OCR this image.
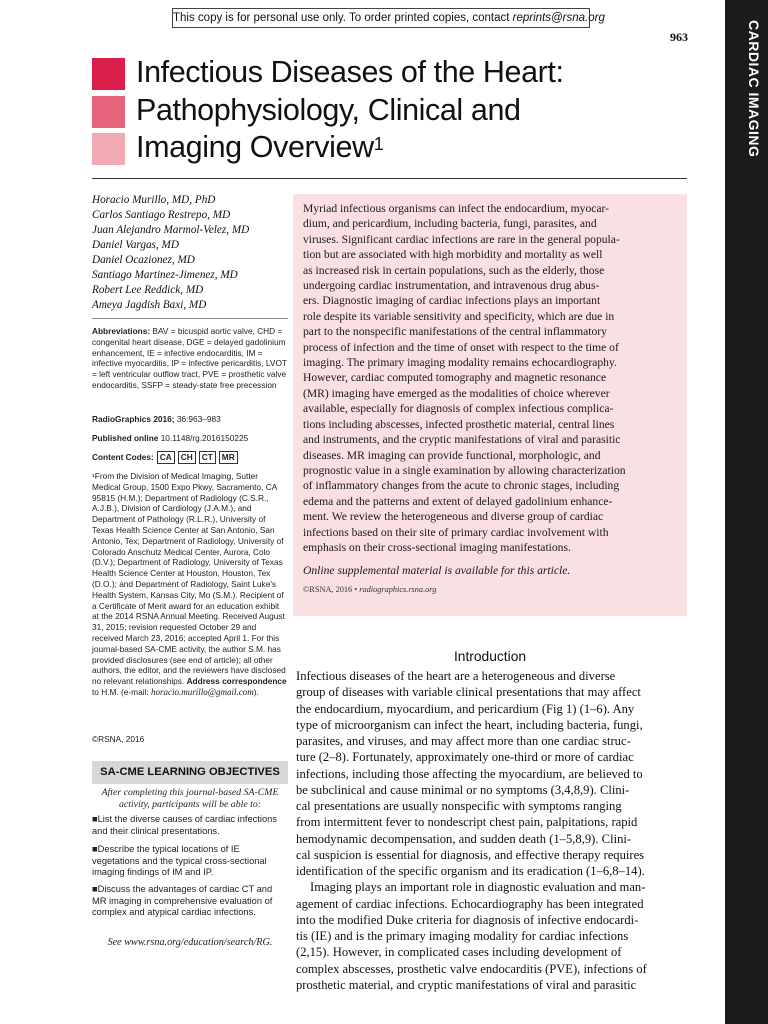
This copy is for personal use only. To order printed copies, contact reprints@rsna.org
963	CARDIAC IMAGING
Infectious Diseases of the Heart:
Pathophysiology, Clinical and
Imaging Overview$^1$
Horacio Murillo, MD, PhD
Carlos Santiago Restrepo, MD
Juan Alejandro Marmol-Velez, MD
Daniel Vargas, MD
Daniel Ocazionez, MD
Santiago Martinez-Jimenez, MD
Robert Lee Reddick, MD
Ameya Jagdish Baxi, MD
Abbreviations: BAV = bicuspid aortic valve, CHD = congenital heart disease, DGE = delayed gadolinium enhancement, IE = infective endocarditis, IM = infective myocarditis, IP = infective pericarditis, LVOT = left ventricular outflow tract, PVE = prosthetic valve endocarditis, SSFP = steady-state free precession
RadioGraphics 2016; 36:963–983
Published online 10.1148/rg.2016150225
Content Codes: CA	CH	CT	MR
¹From the Division of Medical Imaging, Sutter Medical Group, 1500 Expo Pkwy, Sacramento, CA 95815 (H.M.); Department of Radiology (C.S.R., A.J.B.), Division of Cardiology (J.A.M.), and Department of Pathology (R.L.R.), University of Texas Health Science Center at San Antonio, San Antonio, Tex; Department of Radiology, University of Colorado Anschutz Medical Center, Aurora, Colo (D.V.); Department of Radiology, University of Texas Health Science Center at Houston, Houston, Tex (D.O.); and Department of Radiology, Saint Luke's Health System, Kansas City, Mo (S.M.). Recipient of a Certificate of Merit award for an education exhibit at the 2014 RSNA Annual Meeting. Received August 31, 2015; revision requested October 29 and received March 23, 2016; accepted April 1. For this journal-based SA-CME activity, the author S.M. has provided disclosures (see end of article); all other authors, the editor, and the reviewers have disclosed no relevant relationships. Address correspondence to H.M. (e-mail: horacio.murillo@gmail.com).
©RSNA, 2016
SA-CME LEARNING OBJECTIVES
After completing this journal-based SA-CME activity, participants will be able to:
■List the diverse causes of cardiac infections and their clinical presentations.
■Describe the typical locations of IE vegetations and the typical cross-sectional imaging findings of IM and IP.
■Discuss the advantages of cardiac CT and MR imaging in comprehensive evaluation of complex and atypical cardiac infections.
See www.rsna.org/education/search/RG.
Myriad infectious organisms can infect the endocardium, myocar-
dium, and pericardium, including bacteria, fungi, parasites, and
viruses. Significant cardiac infections are rare in the general popula-
tion but are associated with high morbidity and mortality as well
as increased risk in certain populations, such as the elderly, those
undergoing cardiac instrumentation, and intravenous drug abus-
ers. Diagnostic imaging of cardiac infections plays an important
role despite its variable sensitivity and specificity, which are due in
part to the nonspecific manifestations of the central inflammatory
process of infection and the time of onset with respect to the time of
imaging. The primary imaging modality remains echocardiography.
However, cardiac computed tomography and magnetic resonance
(MR) imaging have emerged as the modalities of choice wherever
available, especially for diagnosis of complex infectious complica-
tions including abscesses, infected prosthetic material, central lines
and instruments, and the cryptic manifestations of viral and parasitic
diseases. MR imaging can provide functional, morphologic, and
prognostic value in a single examination by allowing characterization
of inflammatory changes from the acute to chronic stages, including
edema and the patterns and extent of delayed gadolinium enhance-
ment. We review the heterogeneous and diverse group of cardiac
infections based on their site of primary cardiac involvement with
emphasis on their cross-sectional imaging manifestations.
Online supplemental material is available for this article.
©RSNA, 2016 • radiographics.rsna.org
Introduction
Infectious diseases of the heart are a heterogeneous and diverse
group of diseases with variable clinical presentations that may affect
the endocardium, myocardium, and pericardium (Fig 1) (1–6). Any
type of microorganism can infect the heart, including bacteria, fungi,
parasites, and viruses, and may affect more than one cardiac struc-
ture (2–8). Fortunately, approximately one-third or more of cardiac
infections, including those affecting the myocardium, are believed to
be subclinical and cause minimal or no symptoms (3,4,8,9). Clini-
cal presentations are usually nonspecific with symptoms ranging
from intermittent fever to nondescript chest pain, palpitations, rapid
hemodynamic decompensation, and sudden death (1–5,8,9). Clini-
cal suspicion is essential for diagnosis, and effective therapy requires
identification of the specific organism and its eradication (1–6,8–14).
Imaging plays an important role in diagnostic evaluation and man-
agement of cardiac infections. Echocardiography has been integrated
into the modified Duke criteria for diagnosis of infective endocardi-
tis (IE) and is the primary imaging modality for cardiac infections
(2,15). However, in complicated cases including development of
complex abscesses, prosthetic valve endocarditis (PVE), infections of
prosthetic material, and cryptic manifestations of viral and parasitic
